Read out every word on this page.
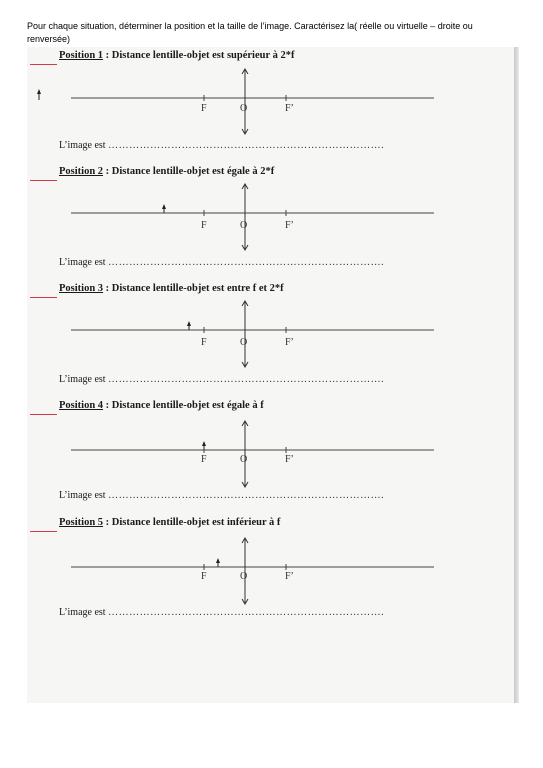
Pour chaque situation, déterminer la position et la taille de l’image. Caractérisez la( réelle ou virtuelle – droite ou renversée)
Position 1 : Distance lentille-objet est supérieur à 2*f
F	O	F’
L’image est …………………………………………………………………….
Position 2 : Distance lentille-objet est égale à 2*f
F	O	F’
L’image est …………………………………………………………………….
Position 3 : Distance lentille-objet est entre f et 2*f
F	O	F’
L’image est …………………………………………………………………….
Position 4 : Distance lentille-objet est égale à f
F	O	F’
L’image est …………………………………………………………………….
Position 5 : Distance lentille-objet est inférieur à f
F	O	F’
L’image est …………………………………………………………………….
